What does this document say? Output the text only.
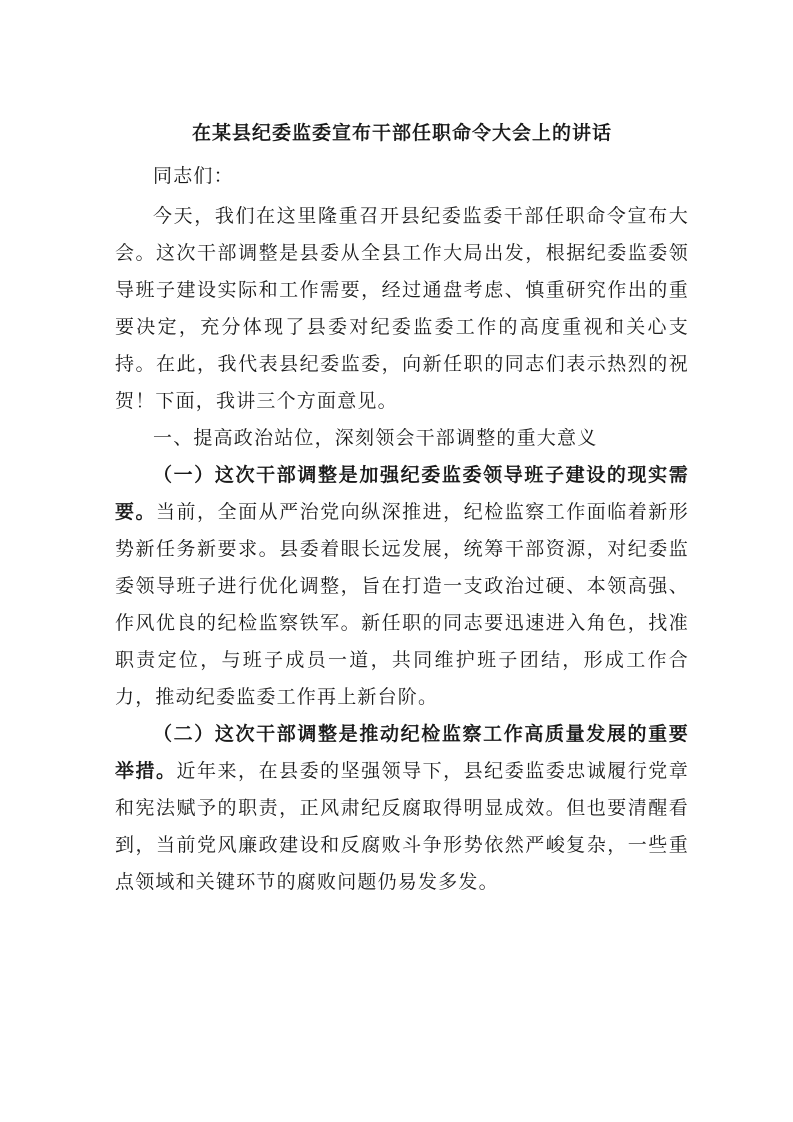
在某县纪委监委宣布干部任职命令大会上的讲话

同志们：

今天，我们在这里隆重召开县纪委监委干部任职命令宣布大会。这次干部调整是县委从全县工作大局出发，根据纪委监委领导班子建设实际和工作需要，经过通盘考虑、慎重研究作出的重要决定，充分体现了县委对纪委监委工作的高度重视和关心支持。在此，我代表县纪委监委，向新任职的同志们表示热烈的祝贺！下面，我讲三个方面意见。

一、提高政治站位，深刻领会干部调整的重大意义

（一）这次干部调整是加强纪委监委领导班子建设的现实需要。当前，全面从严治党向纵深推进，纪检监察工作面临着新形势新任务新要求。县委着眼长远发展，统筹干部资源，对纪委监委领导班子进行优化调整，旨在打造一支政治过硬、本领高强、作风优良的纪检监察铁军。新任职的同志要迅速进入角色，找准职责定位，与班子成员一道，共同维护班子团结，形成工作合力，推动纪委监委工作再上新台阶。

（二）这次干部调整是推动纪检监察工作高质量发展的重要举措。近年来，在县委的坚强领导下，县纪委监委忠诚履行党章和宪法赋予的职责，正风肃纪反腐取得明显成效。但也要清醒看到，当前党风廉政建设和反腐败斗争形势依然严峻复杂，一些重点领域和关键环节的腐败问题仍易发多发。
